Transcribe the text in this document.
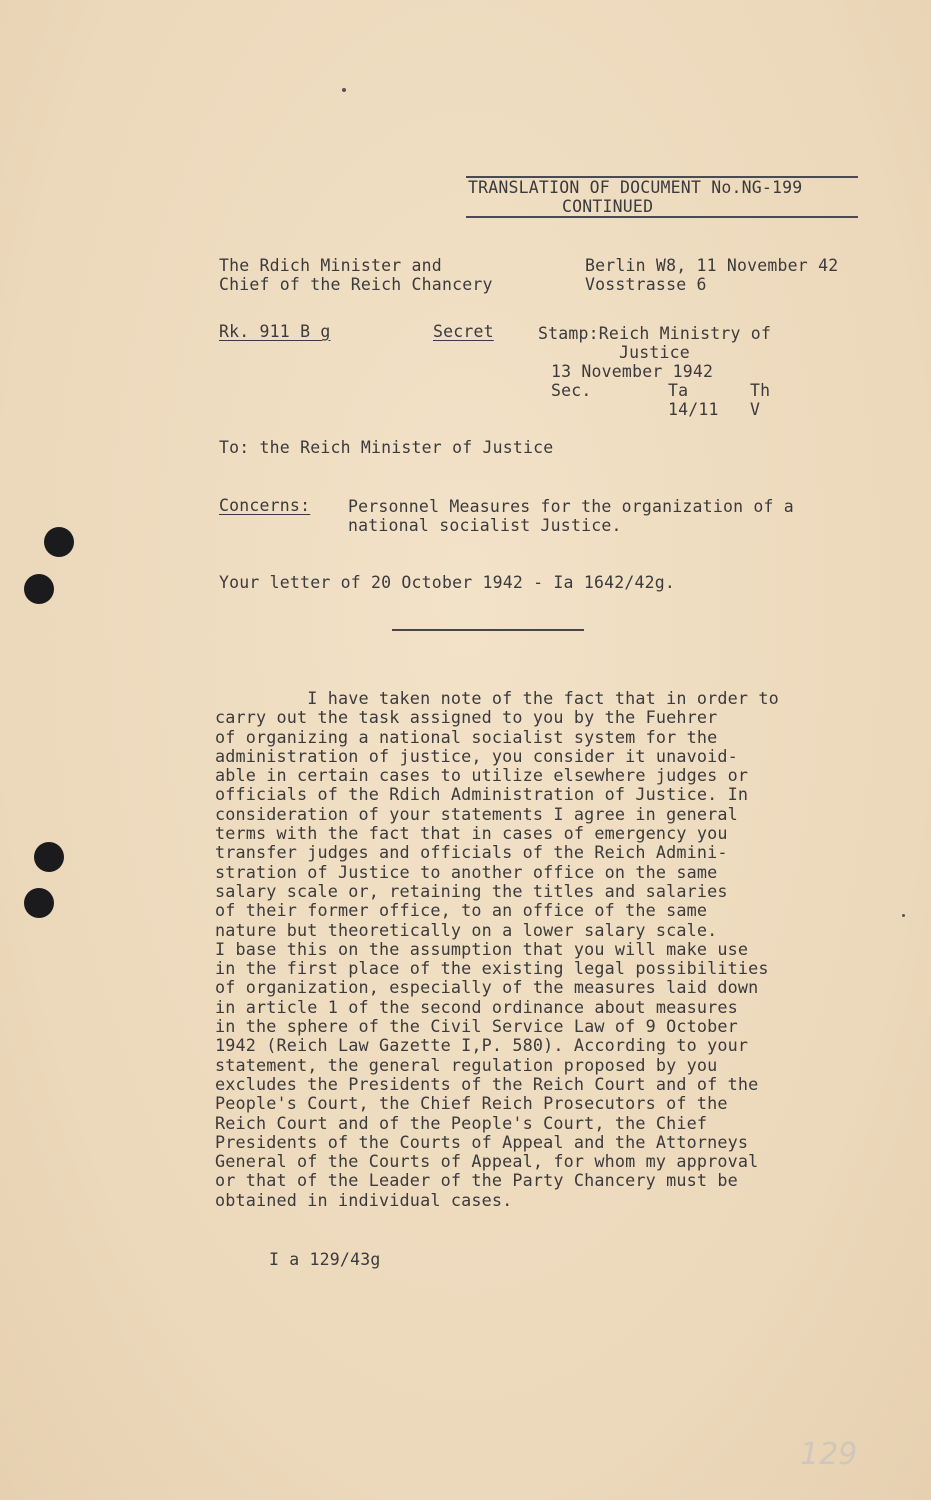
TRANSLATION OF DOCUMENT No.NG-199
CONTINUED
The Rdich Minister and
Chief of the Reich Chancery
Berlin W8, 11 November 42
Vosstrasse 6
Rk. 911 B g	Secret	Stamp:Reich Ministry of
Justice
13 November 1942
Sec.	Ta	Th
14/11 V
To: the Reich Minister of Justice
Concerns: Personnel Measures for the organization of a
national socialist Justice.
Your letter of 20 October 1942 - Ia 1642/42g.
I have taken note of the fact that in order to
carry out the task assigned to you by the Fuehrer
of organizing a national socialist system for the
administration of justice, you consider it unavoid-
able in certain cases to utilize elsewhere judges or
officials of the Rdich Administration of Justice. In
consideration of your statements I agree in general
terms with the fact that in cases of emergency you
transfer judges and officials of the Reich Admini-
stration of Justice to another office on the same
salary scale or, retaining the titles and salaries
of their former office, to an office of the same
nature but theoretically on a lower salary scale.
I base this on the assumption that you will make use
in the first place of the existing legal possibilities
of organization, especially of the measures laid down
in article 1 of the second ordinance about measures
in the sphere of the Civil Service Law of 9 October
1942 (Reich Law Gazette I,P. 580). According to your
statement, the general regulation proposed by you
excludes the Presidents of the Reich Court and of the
People's Court, the Chief Reich Prosecutors of the
Reich Court and of the People's Court, the Chief
Presidents of the Courts of Appeal and the Attorneys
General of the Courts of Appeal, for whom my approval
or that of the Leader of the Party Chancery must be
obtained in individual cases.
I a 129/43g
129
